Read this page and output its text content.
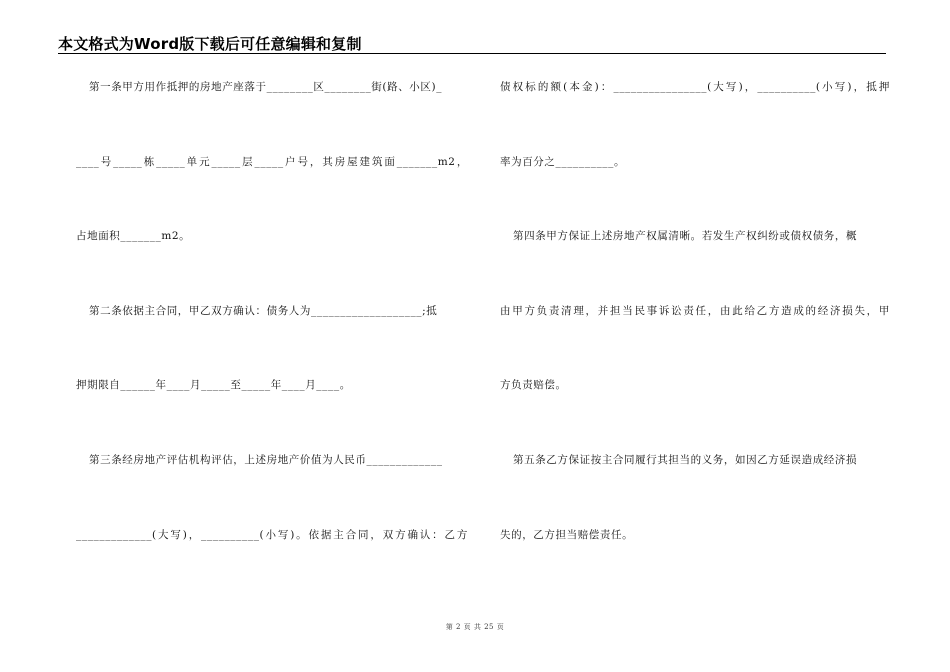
本文格式为Word版下载后可任意编辑和复制
第一条甲方用作抵押的房地产座落于________区________街(路、小区)_
____号_____栋_____单元_____层_____户号，其房屋建筑面_______m2，
占地面积_______m2。
第二条依据主合同，甲乙双方确认：债务人为___________________;抵
押期限自______年____月_____至_____年____月____。
第三条经房地产评估机构评估，上述房地产价值为人民币_____________
_____________(大写)，__________(小写)。依据主合同，双方确认：乙方
债权标的额(本金)：________________(大写)，__________(小写)，抵押
率为百分之__________。
第四条甲方保证上述房地产权属清晰。若发生产权纠纷或债权债务，概
由甲方负责清理，并担当民事诉讼责任，由此给乙方造成的经济损失，甲
方负责赔偿。
第五条乙方保证按主合同履行其担当的义务，如因乙方延误造成经济损
失的，乙方担当赔偿责任。
第 2 页 共 25 页
